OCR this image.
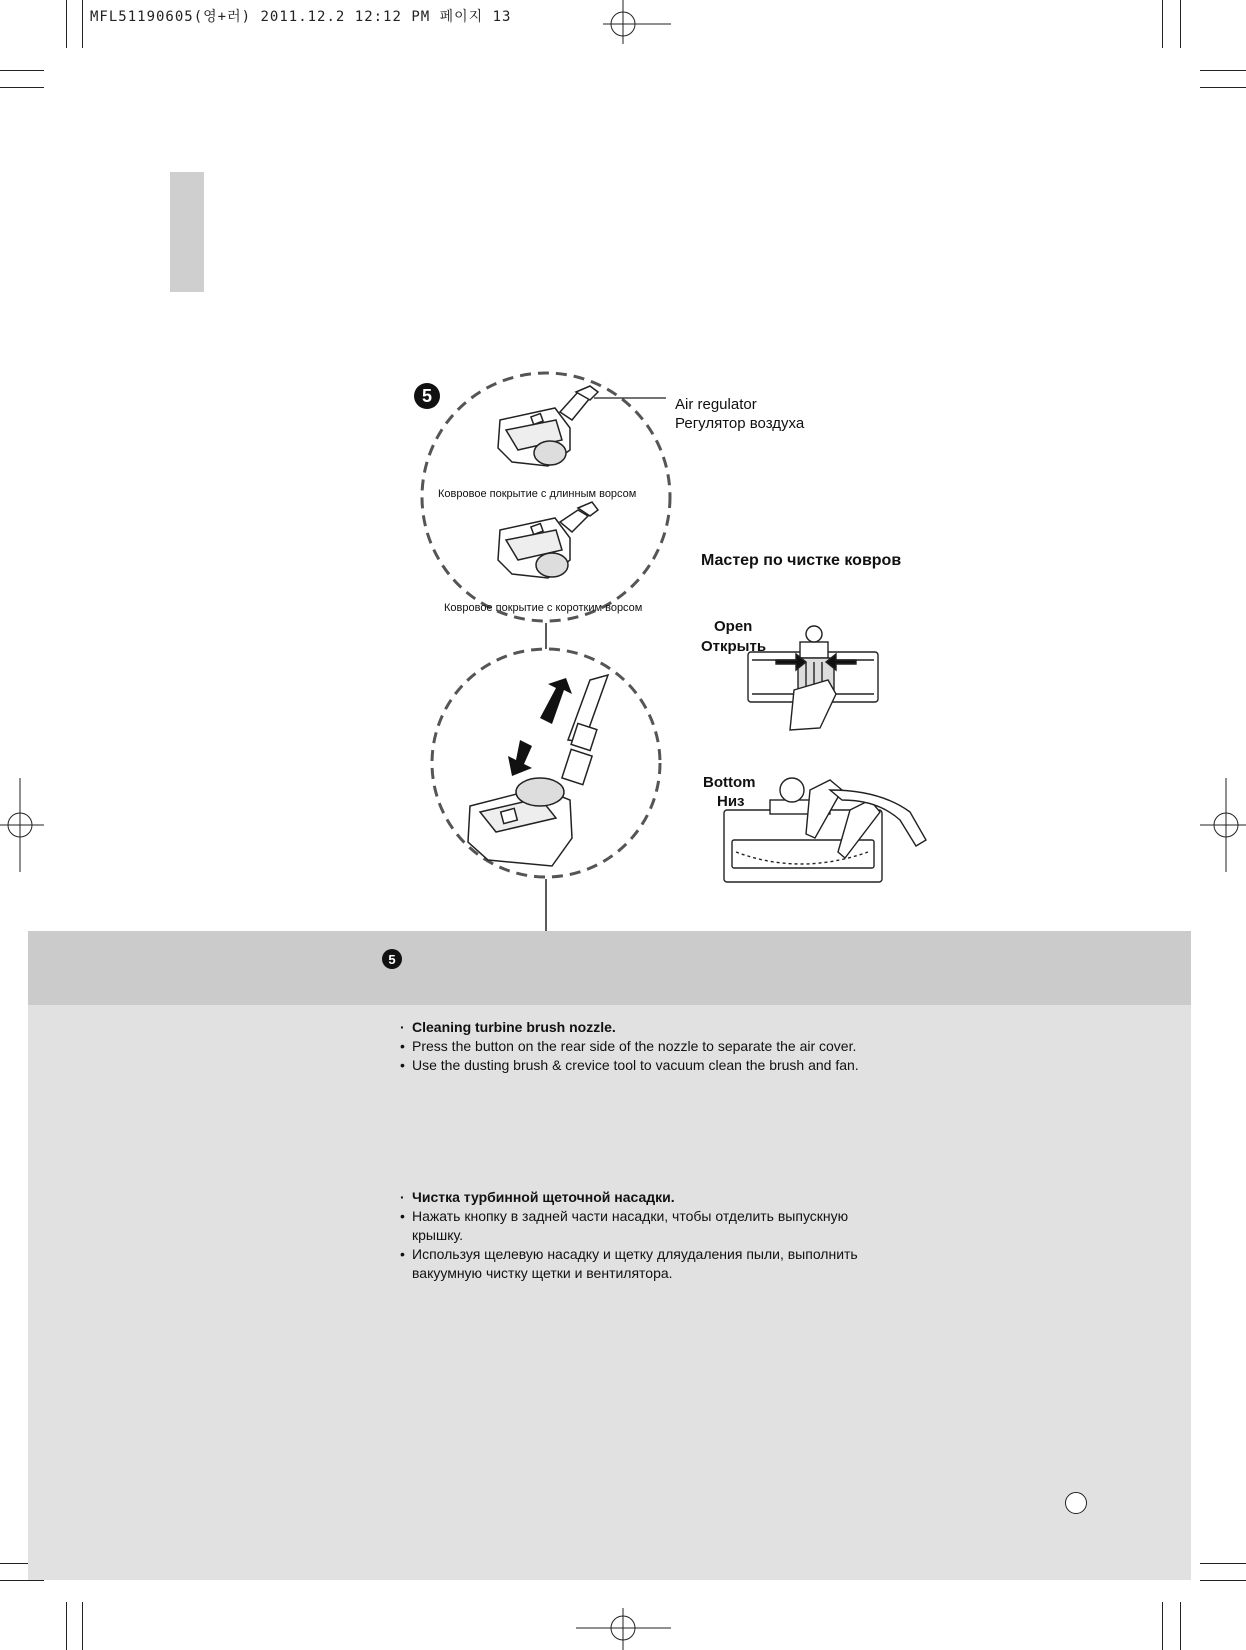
MFL51190605(영+러) 2011.12.2 12:12 PM 페이지 13
5	Air regulator
Регулятор воздуха
Ковровое покрытие с длинным ворсом
Ковровое покрытие с коротким ворсом
Мастер по чистке ковров
Open
Открыть
Bottom
Низ
5
· Cleaning turbine brush nozzle.
• Press the button on the rear side of the nozzle to separate the air cover.
• Use the dusting brush & crevice tool to vacuum clean the brush and fan.
· Чистка турбинной щеточной насадки.
• Нажать кнопку в задней части насадки, чтобы отделить выпускную крышку.
• Используя щелевую насадку и щетку дляудаления пыли, выполнить вакуумную чистку щетки и вентилятора.
